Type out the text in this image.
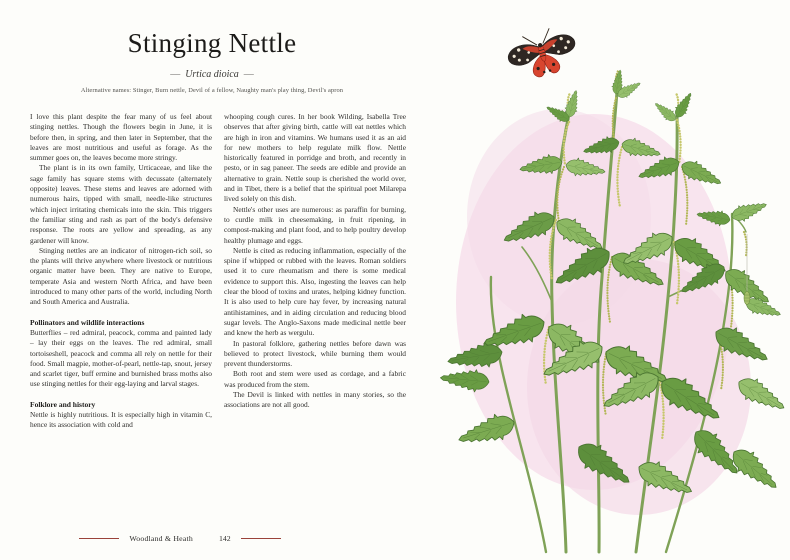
Stinging Nettle
—  Urtica dioica  —
Alternative names: Stinger, Burn nettle, Devil of a fellow, Naughty man's play thing, Devil's apron

I love this plant despite the fear many of us feel about stinging nettles. Though the flowers begin in June, it is before then, in spring, and then later in September, that the leaves are most nutritious and useful as forage. As the summer goes on, the leaves become more stringy.

The plant is in its own family, Urticaceae, and like the sage family has square stems with decussate (alternately opposite) leaves. These stems and leaves are adorned with numerous hairs, tipped with small, needle-like structures which inject irritating chemicals into the skin. This triggers the familiar sting and rash as part of the body's defensive response. The roots are yellow and spreading, as any gardener will know.

Stinging nettles are an indicator of nitrogen-rich soil, so the plants will thrive anywhere where livestock or nutritious organic matter have been. They are native to Europe, temperate Asia and western North Africa, and have been introduced to many other parts of the world, including North and South America and Australia.

Pollinators and wildlife interactions

Butterflies – red admiral, peacock, comma and painted lady – lay their eggs on the leaves. The red admiral, small tortoiseshell, peacock and comma all rely on nettle for their food. Small magpie, mother-of-pearl, nettle-tap, snout, jersey and scarlet tiger, buff ermine and burnished brass moths also use stinging nettles for their egg-laying and larval stages.

Folklore and history

Nettle is highly nutritious. It is especially high in vitamin C, hence its association with cold and

whooping cough cures. In her book Wilding, Isabella Tree observes that after giving birth, cattle will eat nettles which are high in iron and vitamins. We humans used it as an aid for new mothers to help regulate milk flow. Nettle historically featured in porridge and broth, and recently in pesto, or in sag paneer. The seeds are edible and provide an alternative to grain. Nettle soup is cherished the world over, and in Tibet, there is a belief that the spiritual poet Milarepa lived solely on this dish.

Nettle's other uses are numerous: as paraffin for burning, to curdle milk in cheesemaking, in fruit ripening, in compost-making and plant food, and to help poultry develop healthy plumage and eggs.

Nettle is cited as reducing inflammation, especially of the spine if whipped or rubbed with the leaves. Roman soldiers used it to cure rheumatism and there is some medical evidence to support this. Also, ingesting the leaves can help clear the blood of toxins and urates, helping kidney function. It is also used to help cure hay fever, by increasing natural antihistamines, and in aiding circulation and reducing blood sugar levels. The Anglo-Saxons made medicinal nettle beer and knew the herb as wergulu.

In pastoral folklore, gathering nettles before dawn was believed to protect livestock, while burning them would prevent thunderstorms.

Both root and stem were used as cordage, and a fabric was produced from the stem.

The Devil is linked with nettles in many stories, so the associations are not all good.

Woodland & Heath	142
